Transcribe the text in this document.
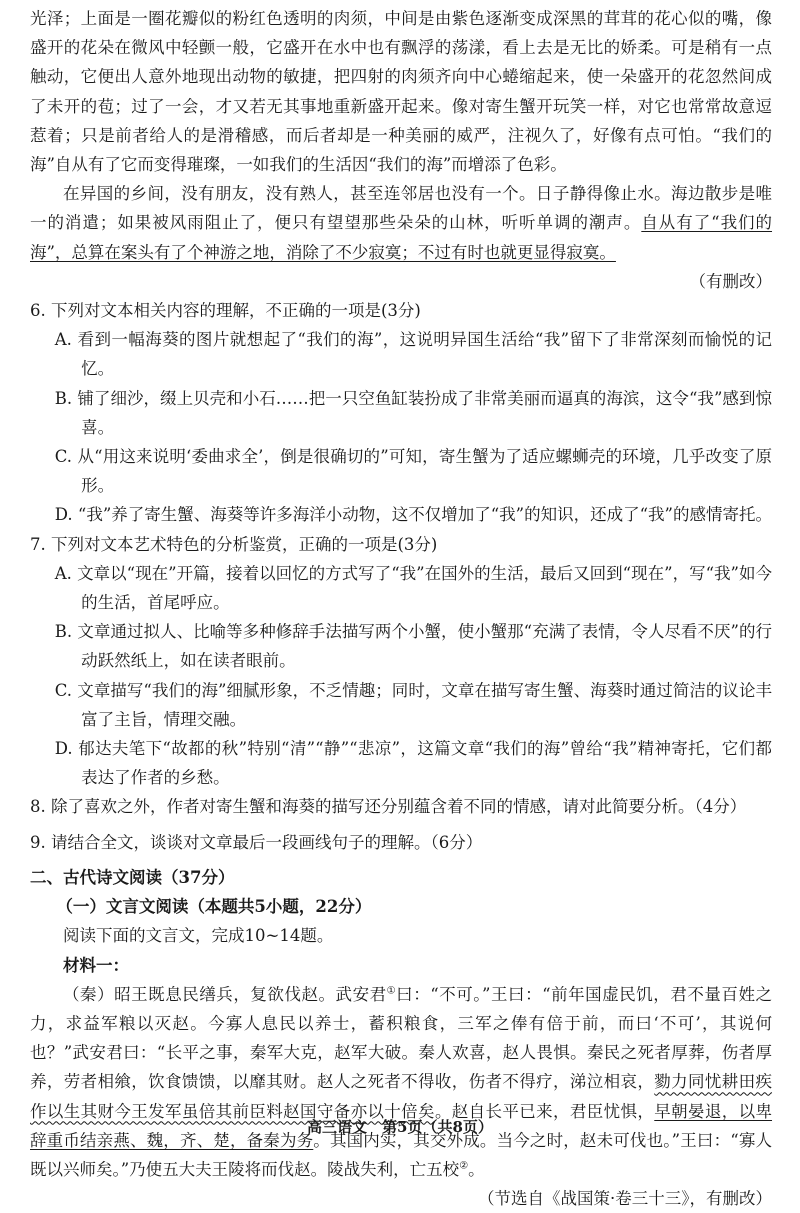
光泽；上面是一圈花瓣似的粉红色透明的肉须，中间是由紫色逐渐变成深黑的茸茸的花心似的嘴，像盛开的花朵在微风中轻颤一般，它盛开在水中也有飘浮的荡漾，看上去是无比的娇柔。可是稍有一点触动，它便出人意外地现出动物的敏捷，把四射的肉须齐向中心蜷缩起来，使一朵盛开的花忽然间成了未开的苞；过了一会，才又若无其事地重新盛开起来。像对寄生蟹开玩笑一样，对它也常常故意逗惹着；只是前者给人的是滑稽感，而后者却是一种美丽的威严，注视久了，好像有点可怕。“我们的海”自从有了它而变得璀璨，一如我们的生活因“我们的海”而增添了色彩。

在异国的乡间，没有朋友，没有熟人，甚至连邻居也没有一个。日子静得像止水。海边散步是唯一的消遣；如果被风雨阻止了，便只有望望那些朵朵的山林，听听单调的潮声。自从有了“我们的海”，总算在案头有了个神游之地，消除了不少寂寞；不过有时也就更显得寂寞。

（有删改）

6. 下列对文本相关内容的理解，不正确的一项是(3分)

A. 看到一幅海葵的图片就想起了“我们的海”，这说明异国生活给“我”留下了非常深刻而愉悦的记忆。

B. 铺了细沙，缀上贝壳和小石……把一只空鱼缸装扮成了非常美丽而逼真的海滨，这令“我”感到惊喜。

C. 从“用这来说明‘委曲求全’，倒是很确切的”可知，寄生蟹为了适应螺蛳壳的环境，几乎改变了原形。

D. “我”养了寄生蟹、海葵等许多海洋小动物，这不仅增加了“我”的知识，还成了“我”的感情寄托。

7. 下列对文本艺术特色的分析鉴赏，正确的一项是(3分)

A. 文章以“现在”开篇，接着以回忆的方式写了“我”在国外的生活，最后又回到“现在”，写“我”如今的生活，首尾呼应。

B. 文章通过拟人、比喻等多种修辞手法描写两个小蟹，使小蟹那“充满了表情，令人尽看不厌”的行动跃然纸上，如在读者眼前。

C. 文章描写“我们的海”细腻形象，不乏情趣；同时，文章在描写寄生蟹、海葵时通过简洁的议论丰富了主旨，情理交融。

D. 郁达夫笔下“故都的秋”特别“清”“静”“悲凉”，这篇文章“我们的海”曾给“我”精神寄托，它们都表达了作者的乡愁。

8. 除了喜欢之外，作者对寄生蟹和海葵的描写还分别蕴含着不同的情感，请对此简要分析。（4分）

9. 请结合全文，谈谈对文章最后一段画线句子的理解。（6分）

二、古代诗文阅读（37分）

（一）文言文阅读（本题共5小题，22分）

阅读下面的文言文，完成10~14题。

材料一：

（秦）昭王既息民缮兵，复欲伐赵。武安君①曰：“不可。”王曰：“前年国虚民饥，君不量百姓之力，求益军粮以灭赵。今寡人息民以养士，蓄积粮食，三军之俸有倍于前，而曰‘不可’，其说何也？”武安君曰：“长平之事，秦军大克，赵军大破。秦人欢喜，赵人畏惧。秦民之死者厚葬，伤者厚养，劳者相飨，饮食馈馈，以靡其财。赵人之死者不得收，伤者不得疗，涕泣相哀，勠力同忧耕田疾作以生其财今王发军虽倍其前臣料赵国守备亦以十倍矣。赵自长平已来，君臣忧惧，早朝晏退，以卑辞重币结亲燕、魏，齐、楚，备秦为务。其国内实，其交外成。当今之时，赵未可伐也。”王曰：“寡人既以兴师矣。”乃使五大夫王陵将而伐赵。陵战失利，亡五校②。

（节选自《战国策·卷三十三》，有删改）

高三语文　第5页（共8页）
